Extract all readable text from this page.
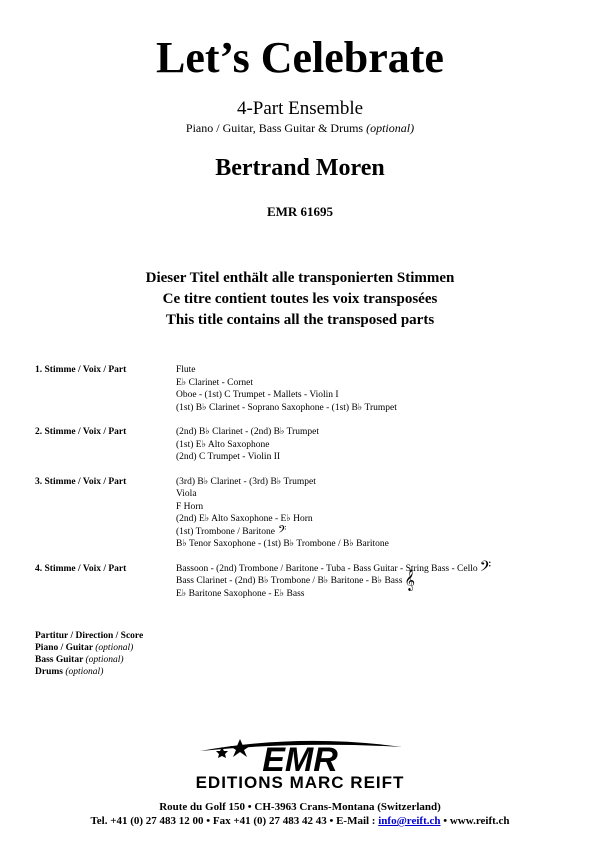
Let’s Celebrate
4-Part Ensemble
Piano / Guitar, Bass Guitar & Drums (optional)
Bertrand Moren
EMR 61695
Dieser Titel enthält alle transponierten Stimmen
Ce titre contient toutes les voix transposées
This title contains all the transposed parts
1. Stimme / Voix / Part	Flute
E♭ Clarinet - Cornet
Oboe - (1st) C Trumpet - Mallets - Violin I
(1st) B♭ Clarinet - Soprano Saxophone - (1st) B♭ Trumpet
2. Stimme / Voix / Part	(2nd) B♭ Clarinet - (2nd) B♭ Trumpet
(1st) E♭ Alto Saxophone
(2nd) C Trumpet - Violin II
3. Stimme / Voix / Part	(3rd) B♭ Clarinet - (3rd) B♭ Trumpet
Viola
F Horn
(2nd) E♭ Alto Saxophone - E♭ Horn
(1st) Trombone / Baritone 𝄢
B♭ Tenor Saxophone - (1st) B♭ Trombone / B♭ Baritone
4. Stimme / Voix / Part	Bassoon - (2nd) Trombone / Baritone - Tuba - Bass Guitar - String Bass - Cello 𝄢
Bass Clarinet - (2nd) B♭ Trombone / B♭ Baritone - B♭ Bass 𝄞
E♭ Baritone Saxophone - E♭ Bass
Partitur / Direction / Score
Piano / Guitar (optional)
Bass Guitar (optional)
Drums (optional)
EMR
EDITIONS MARC REIFT
Route du Golf 150 • CH-3963 Crans-Montana (Switzerland)
Tel. +41 (0) 27 483 12 00 • Fax +41 (0) 27 483 42 43 • E-Mail : info@reift.ch • www.reift.ch
